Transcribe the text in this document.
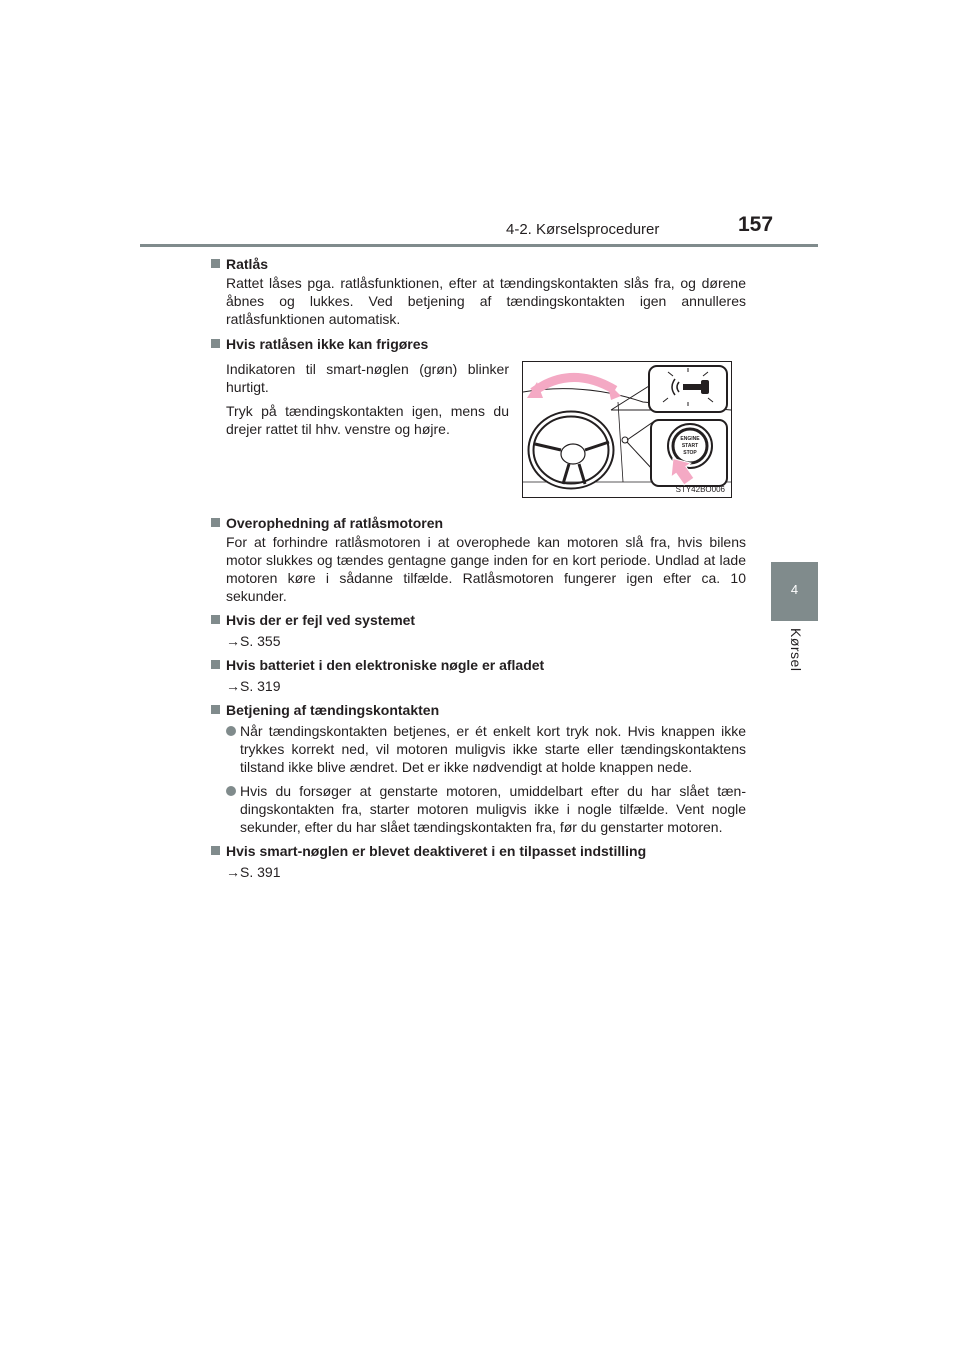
4-2. Kørselsprocedurer	157
4
Kørsel

Ratlås

Rattet låses pga. ratlåsfunktionen, efter at tændingskontakten slås fra, og dørene åbnes og lukkes. Ved betjening af tændingskontakten igen annulleres ratlåsfunktionen automatisk.

Hvis ratlåsen ikke kan frigøres

Indikatoren til smart-nøglen (grøn) blinker hurtigt.

Tryk på tændingskontakten igen, mens du drejer rattet til hhv. venstre og højre.

ENGINE
START
STOP
STY42BO006

Overophedning af ratlåsmotoren

For at forhindre ratlåsmotoren i at overophede kan motoren slå fra, hvis bilens motor slukkes og tændes gentagne gange inden for en kort periode. Undlad at lade motoren køre i sådanne tilfælde. Ratlåsmotoren fungerer igen efter ca. 10 sekunder.

Hvis der er fejl ved systemet

→S. 355

Hvis batteriet i den elektroniske nøgle er afladet

→S. 319

Betjening af tændingskontakten

Når tændingskontakten betjenes, er ét enkelt kort tryk nok. Hvis knappen ikke trykkes korrekt ned, vil motoren muligvis ikke starte eller tændingskontaktens tilstand ikke blive ændret. Det er ikke nødvendigt at holde knappen nede.

Hvis du forsøger at genstarte motoren, umiddelbart efter du har slået tæn-dingskontakten fra, starter motoren muligvis ikke i nogle tilfælde. Vent nogle sekunder, efter du har slået tændingskontakten fra, før du genstarter motoren.

Hvis smart-nøglen er blevet deaktiveret i en tilpasset indstilling

→S. 391
